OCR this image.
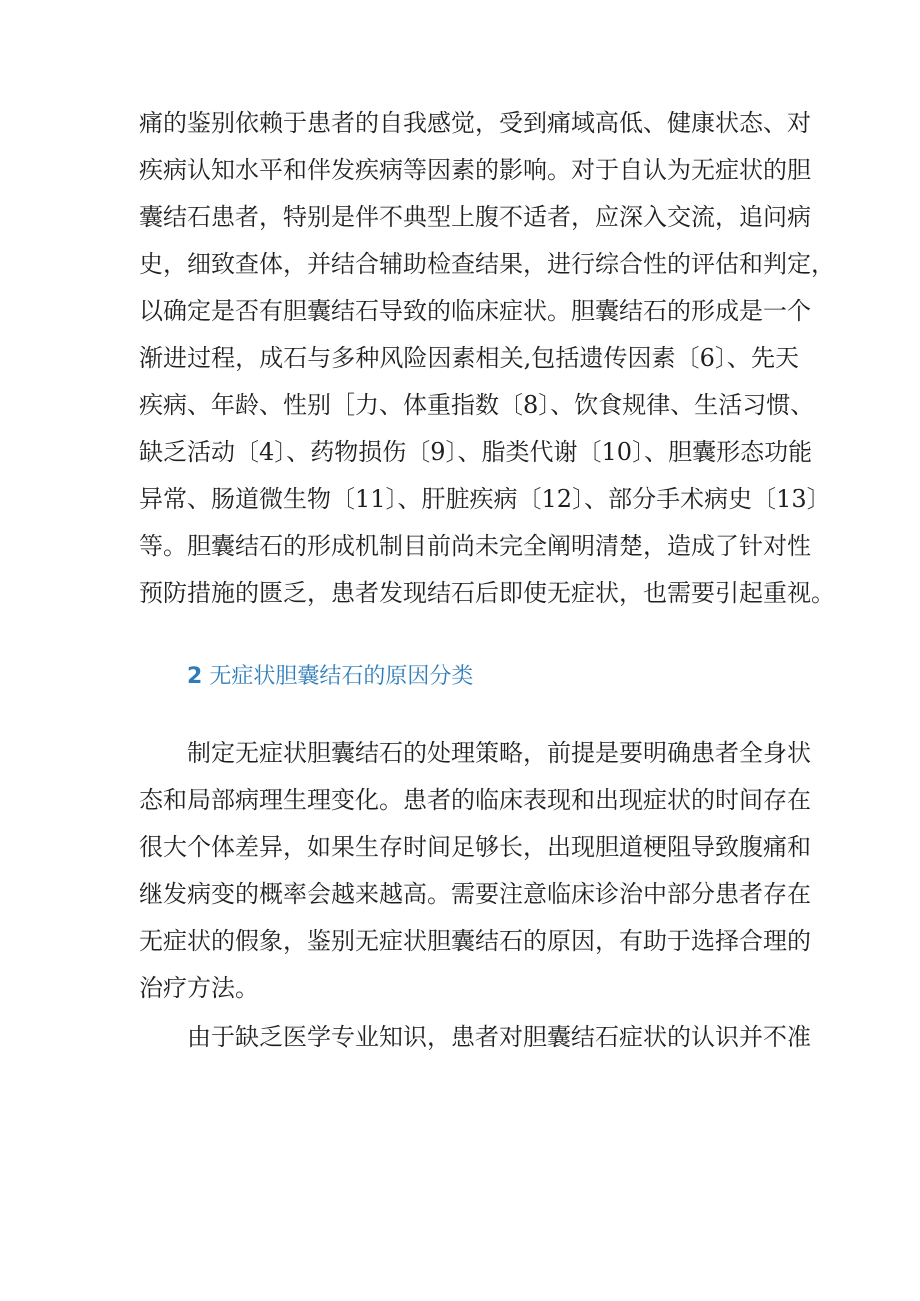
痛的鉴别依赖于患者的自我感觉，受到痛域高低、健康状态、对
疾病认知水平和伴发疾病等因素的影响。对于自认为无症状的胆
囊结石患者，特别是伴不典型上腹不适者，应深入交流，追问病
史，细致查体，并结合辅助检查结果，进行综合性的评估和判定，
以确定是否有胆囊结石导致的临床症状。胆囊结石的形成是一个
渐进过程，成石与多种风险因素相关,包括遗传因素〔6〕、先天
疾病、年龄、性别［力、体重指数〔8〕、饮食规律、生活习惯、
缺乏活动〔4〕、药物损伤〔9〕、脂类代谢〔10〕、胆囊形态功能
异常、肠道微生物〔11〕、肝脏疾病〔12〕、部分手术病史〔13〕
等。胆囊结石的形成机制目前尚未完全阐明清楚，造成了针对性
预防措施的匮乏，患者发现结石后即使无症状，也需要引起重视。
2 无症状胆囊结石的原因分类
制定无症状胆囊结石的处理策略，前提是要明确患者全身状
态和局部病理生理变化。患者的临床表现和出现症状的时间存在
很大个体差异，如果生存时间足够长，出现胆道梗阻导致腹痛和
继发病变的概率会越来越高。需要注意临床诊治中部分患者存在
无症状的假象，鉴别无症状胆囊结石的原因，有助于选择合理的
治疗方法。
由于缺乏医学专业知识，患者对胆囊结石症状的认识并不准
